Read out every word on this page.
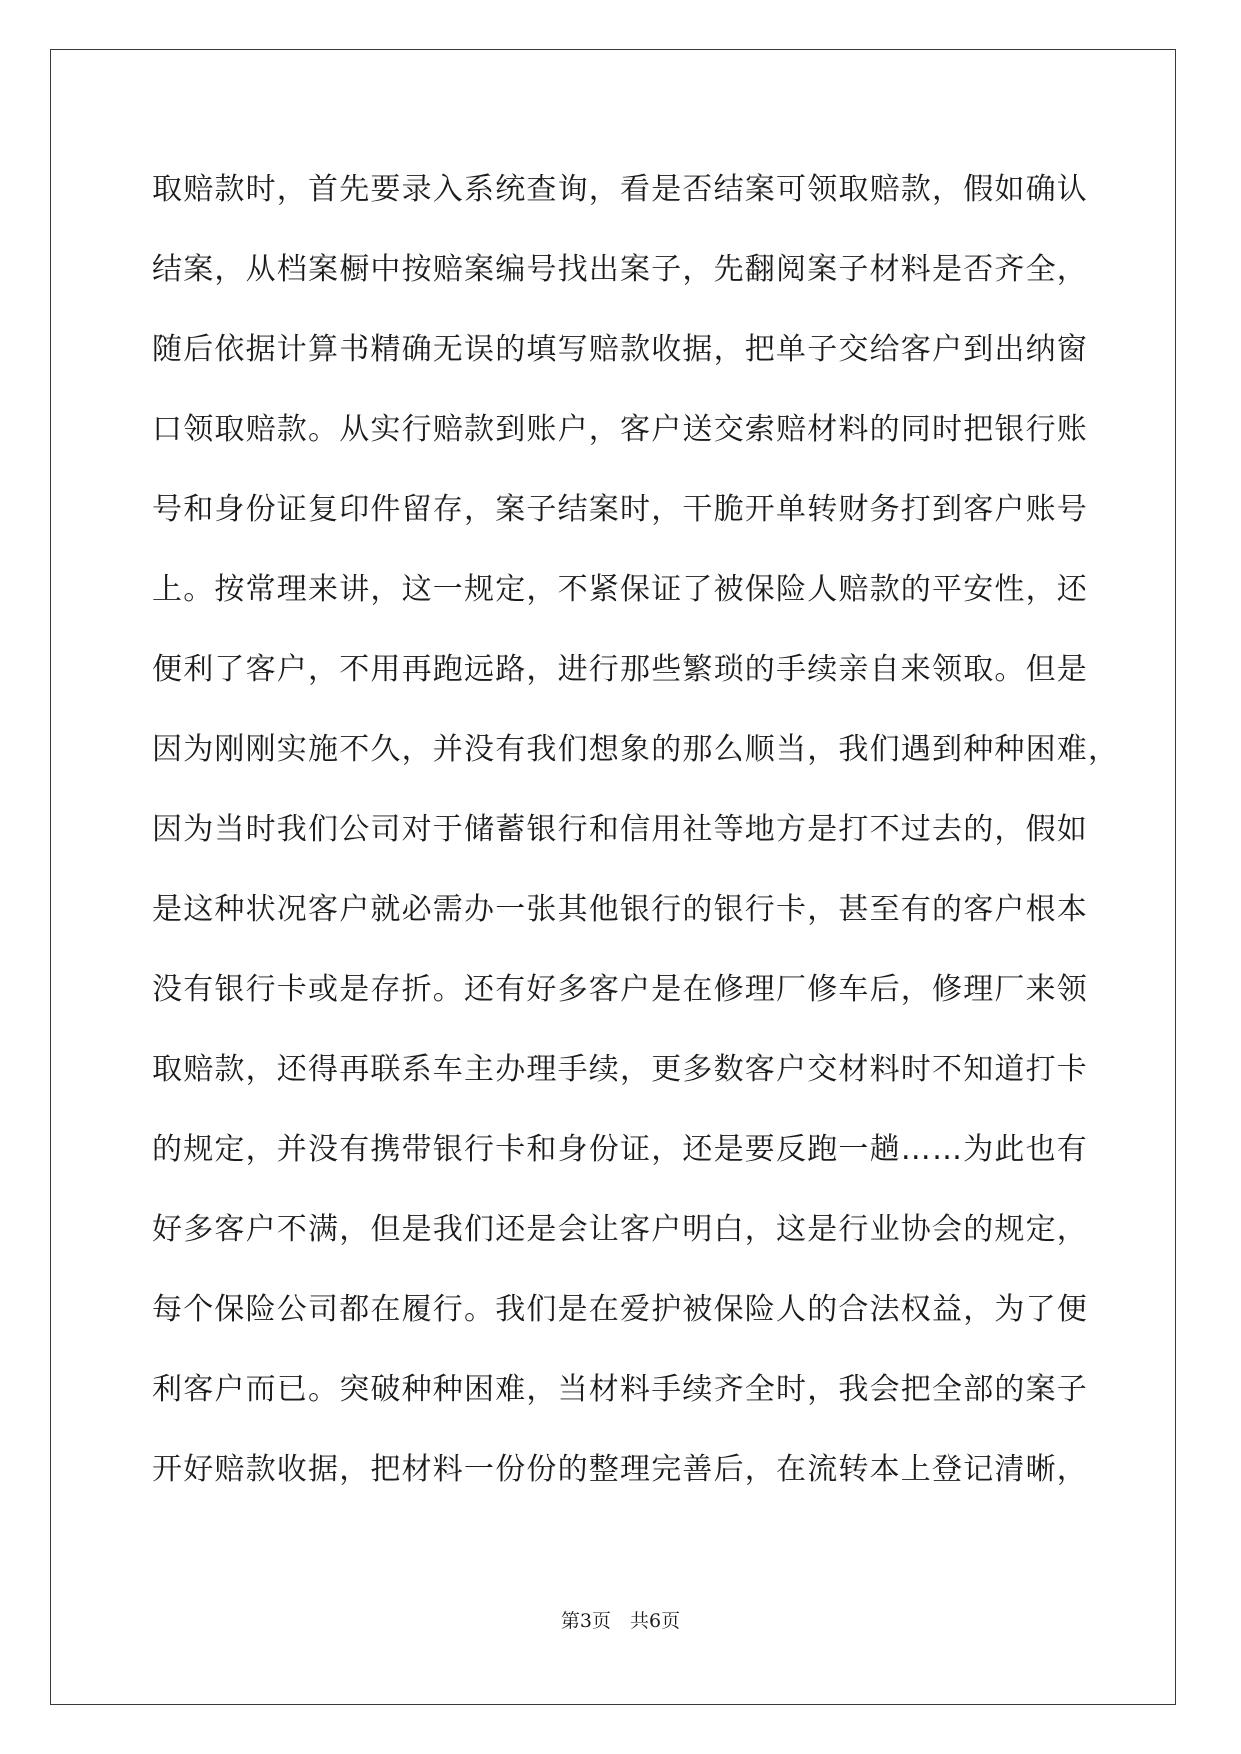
取赔款时，首先要录入系统查询，看是否结案可领取赔款，假如确认
结案，从档案橱中按赔案编号找出案子，先翻阅案子材料是否齐全，
随后依据计算书精确无误的填写赔款收据，把单子交给客户到出纳窗
口领取赔款。从实行赔款到账户，客户送交索赔材料的同时把银行账
号和身份证复印件留存，案子结案时，干脆开单转财务打到客户账号
上。按常理来讲，这一规定，不紧保证了被保险人赔款的平安性，还
便利了客户，不用再跑远路，进行那些繁琐的手续亲自来领取。但是
因为刚刚实施不久，并没有我们想象的那么顺当，我们遇到种种困难，
因为当时我们公司对于储蓄银行和信用社等地方是打不过去的，假如
是这种状况客户就必需办一张其他银行的银行卡，甚至有的客户根本
没有银行卡或是存折。还有好多客户是在修理厂修车后，修理厂来领
取赔款，还得再联系车主办理手续，更多数客户交材料时不知道打卡
的规定，并没有携带银行卡和身份证，还是要反跑一趟……为此也有
好多客户不满，但是我们还是会让客户明白，这是行业协会的规定，
每个保险公司都在履行。我们是在爱护被保险人的合法权益，为了便
利客户而已。突破种种困难，当材料手续齐全时，我会把全部的案子
开好赔款收据，把材料一份份的整理完善后，在流转本上登记清晰，
第3页　共6页
